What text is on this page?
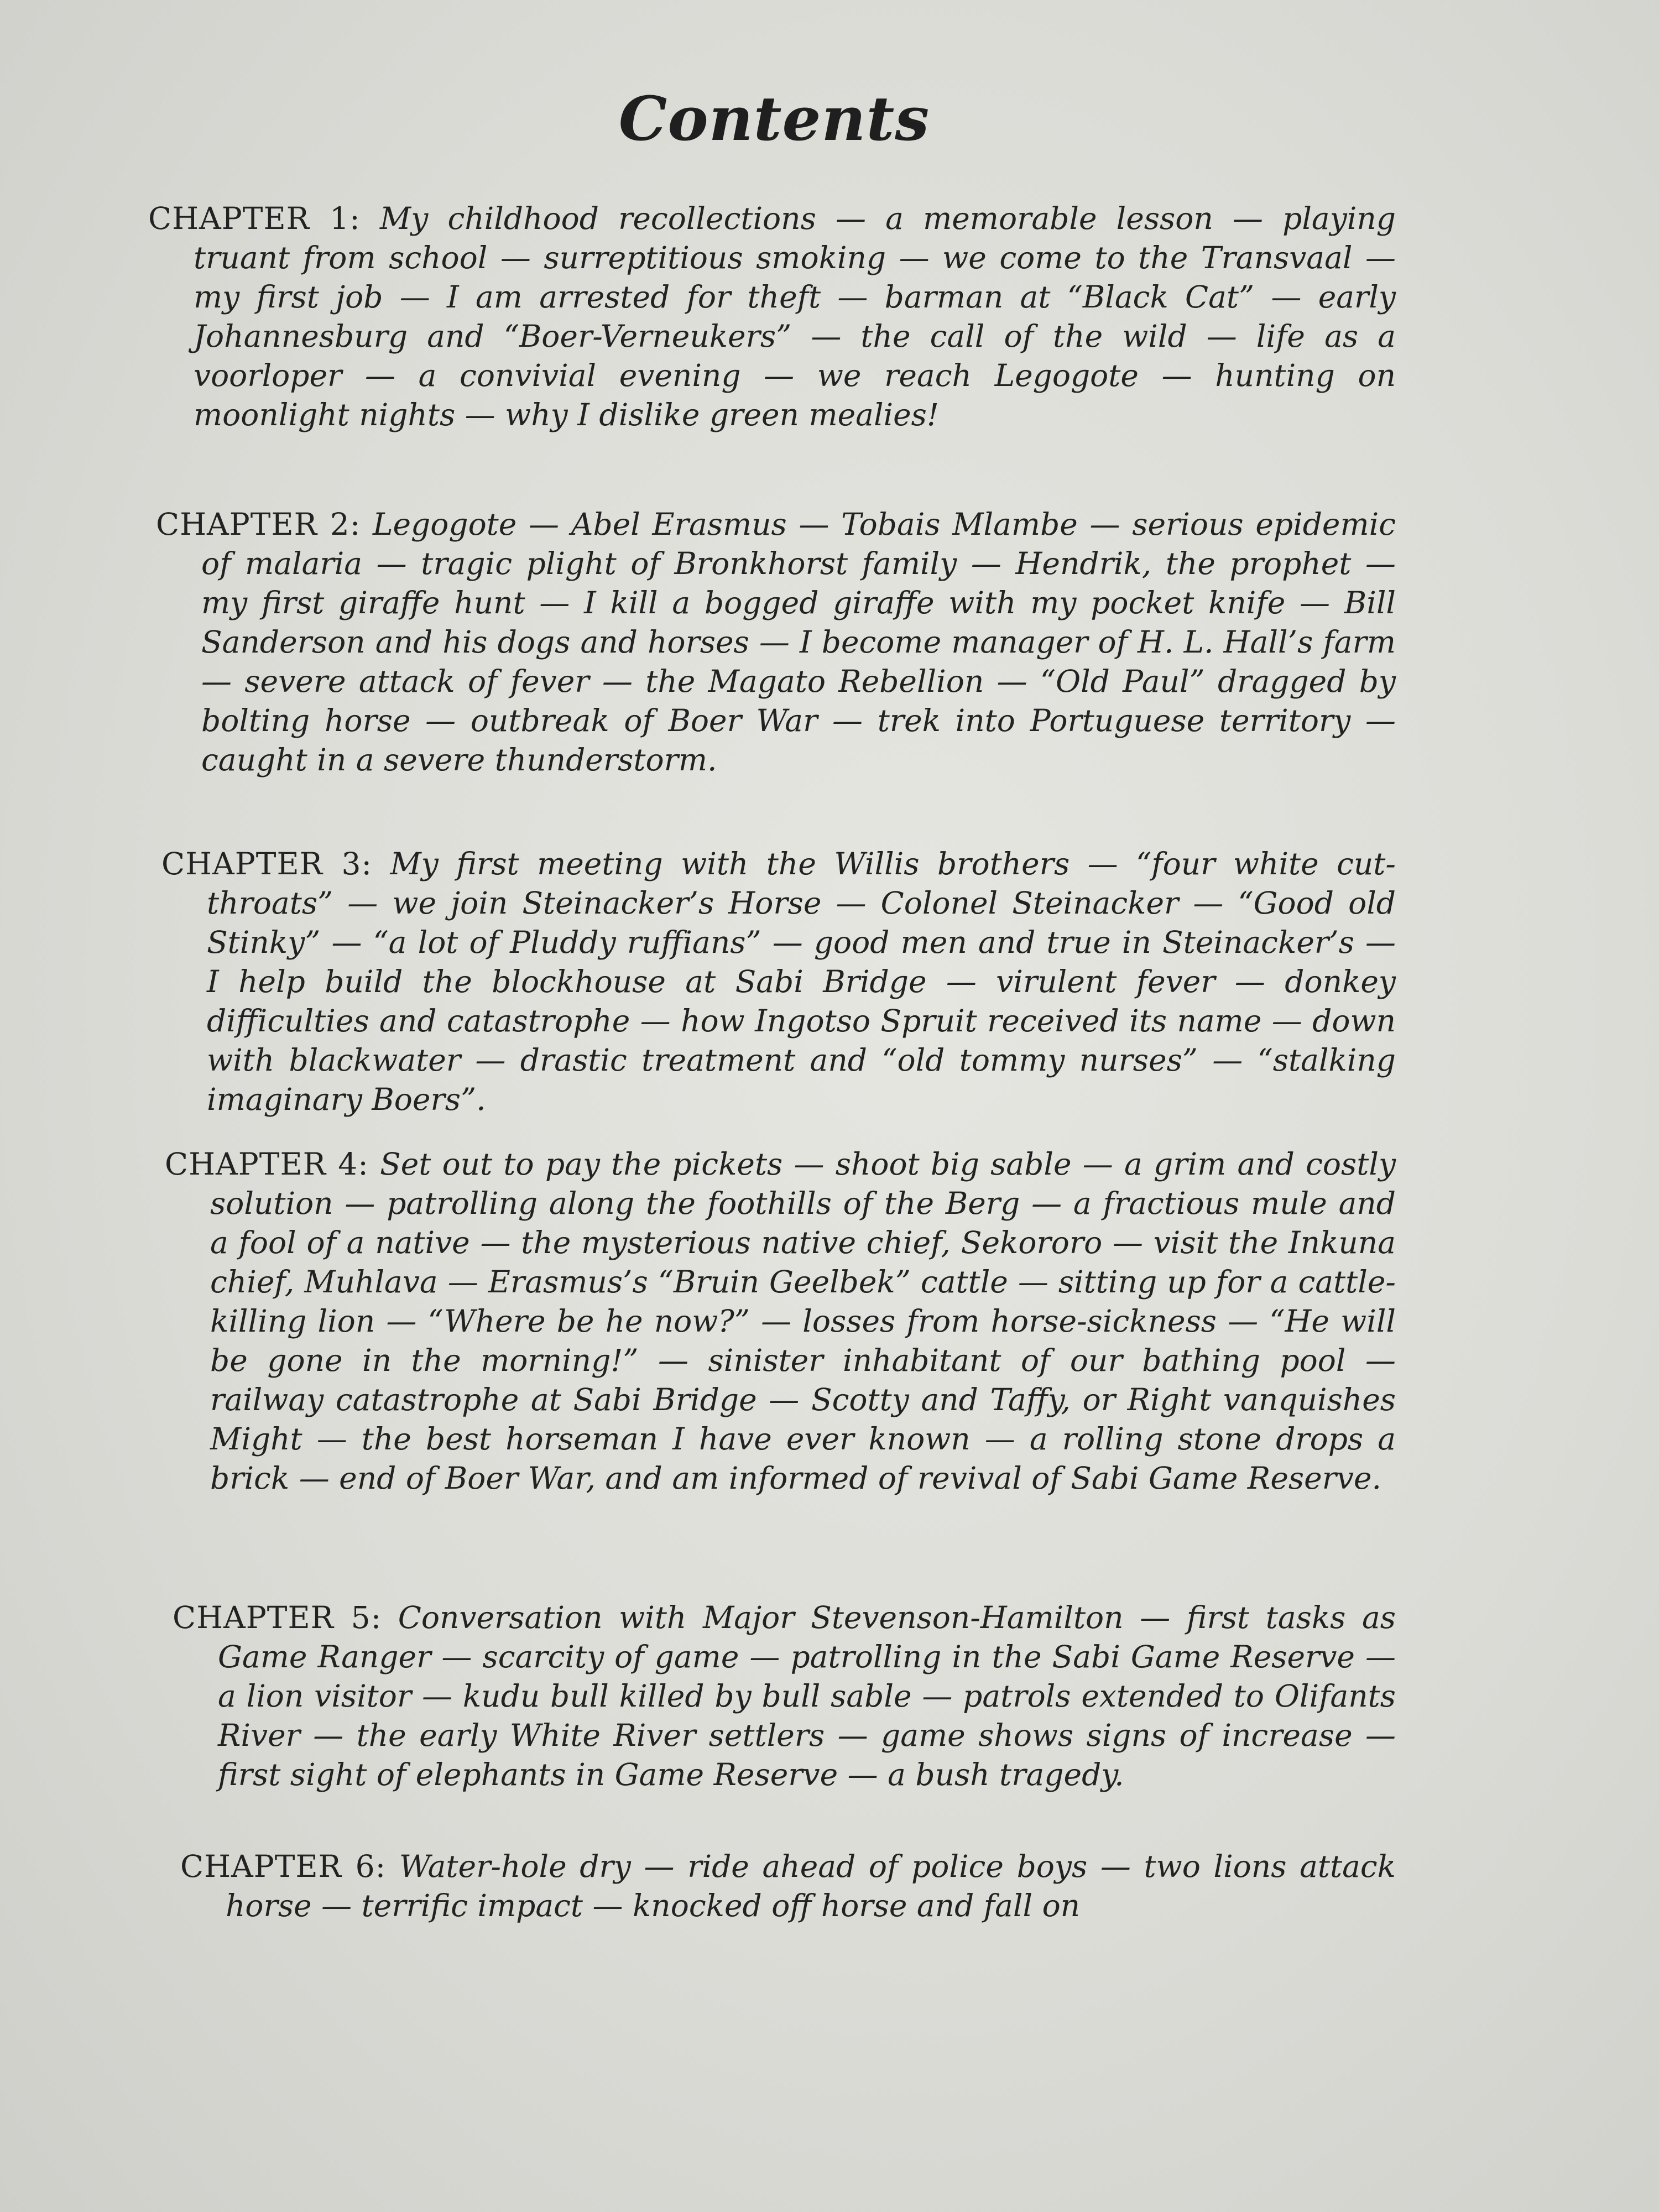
Contents
CHAPTER 1: My childhood recollections — a memorable lesson — playing truant from school — surreptitious smoking — we come to the Transvaal — my first job — I am arrested for theft — barman at “Black Cat” — early Johannesburg and “Boer-Verneukers” — the call of the wild — life as a voorloper — a convivial evening — we reach Legogote — hunting on moonlight nights — why I dislike green mealies!
CHAPTER 2: Legogote — Abel Erasmus — Tobais Mlambe — serious epidemic of malaria — tragic plight of Bronkhorst family — Hendrik, the prophet — my first giraffe hunt — I kill a bogged giraffe with my pocket knife — Bill Sanderson and his dogs and horses — I become manager of H. L. Hall’s farm — severe attack of fever — the Magato Rebellion — “Old Paul” dragged by bolting horse — outbreak of Boer War — trek into Portuguese territory — caught in a severe thunderstorm.
CHAPTER 3: My first meeting with the Willis brothers — “four white cut-throats” — we join Steinacker’s Horse — Colonel Steinacker — “Good old Stinky” — “a lot of Pluddy ruffians” — good men and true in Steinacker’s — I help build the blockhouse at Sabi Bridge — virulent fever — donkey difficulties and catastrophe — how Ingotso Spruit received its name — down with blackwater — drastic treatment and “old tommy nurses” — “stalking imaginary Boers”.
CHAPTER 4: Set out to pay the pickets — shoot big sable — a grim and costly solution — patrolling along the foothills of the Berg — a fractious mule and a fool of a native — the mysterious native chief, Sekororo — visit the Inkuna chief, Muhlava — Erasmus’s “Bruin Geelbek” cattle — sitting up for a cattle-killing lion — “Where be he now?” — losses from horse-sickness — “He will be gone in the morning!” — sinister inhabitant of our bathing pool — railway catastrophe at Sabi Bridge — Scotty and Taffy, or Right vanquishes Might — the best horseman I have ever known — a rolling stone drops a brick — end of Boer War, and am informed of revival of Sabi Game Reserve.
CHAPTER 5: Conversation with Major Stevenson-Hamilton — first tasks as Game Ranger — scarcity of game — patrolling in the Sabi Game Reserve — a lion visitor — kudu bull killed by bull sable — patrols extended to Olifants River — the early White River settlers — game shows signs of increase — first sight of elephants in Game Reserve — a bush tragedy.
CHAPTER 6: Water-hole dry — ride ahead of police boys — two lions attack horse — terrific impact — knocked off horse and fall on
